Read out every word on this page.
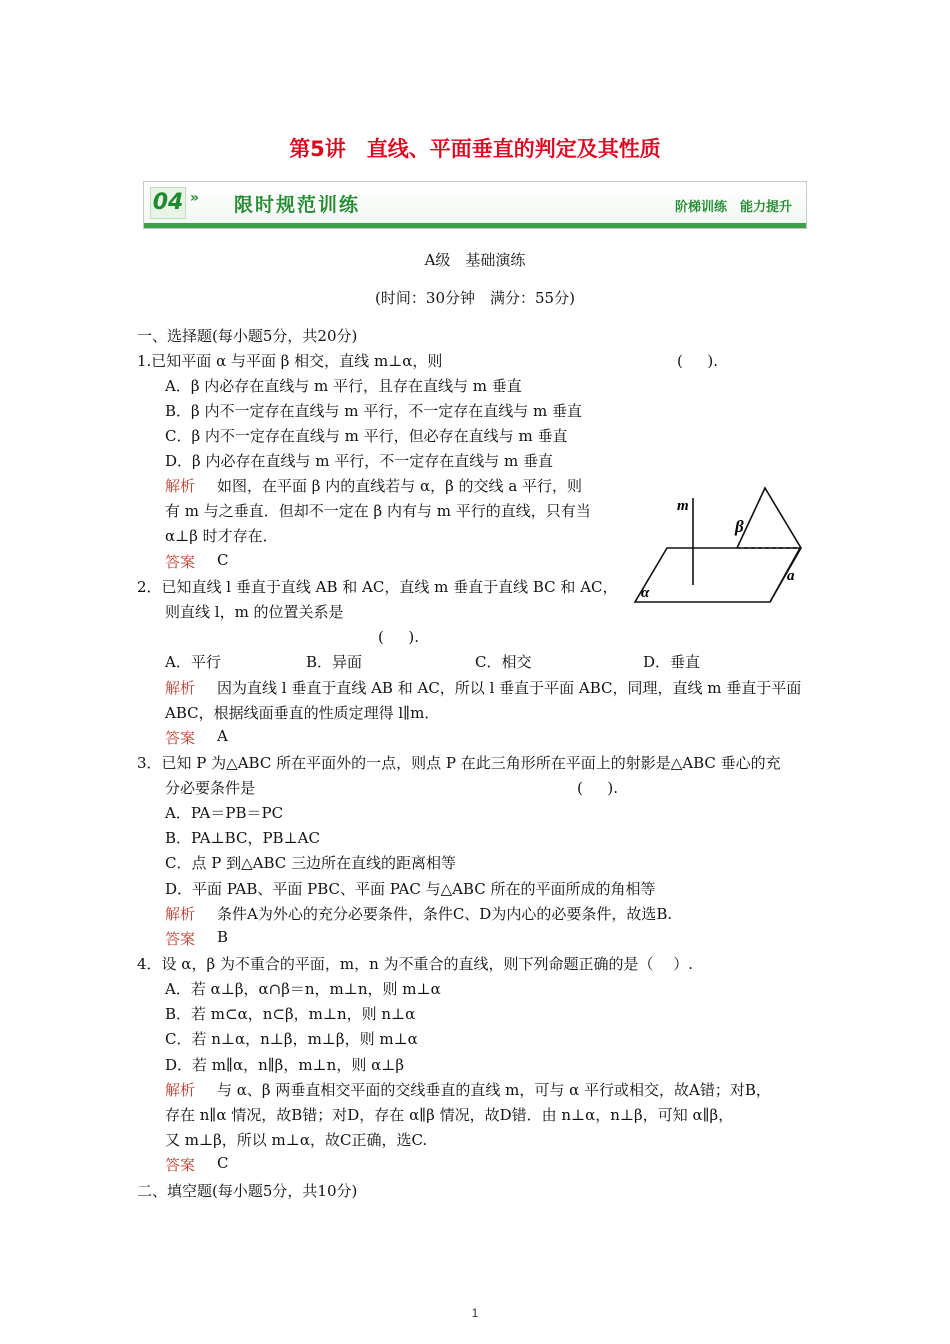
第5讲　直线、平面垂直的判定及其性质
04 » 限时规范训练	阶梯训练　能力提升
A级　基础演练
(时间：30分钟　满分：55分)
一、选择题(每小题5分，共20分)
1.已知平面 α 与平面 β 相交，直线 m⊥α，则	( 　 ).
A．β 内必存在直线与 m 平行，且存在直线与 m 垂直
B．β 内不一定存在直线与 m 平行，不一定存在直线与 m 垂直
C．β 内不一定存在直线与 m 平行，但必存在直线与 m 垂直
D．β 内必存在直线与 m 平行，不一定存在直线与 m 垂直
解析 如图，在平面 β 内的直线若与 α，β 的交线 a 平行，则
有 m 与之垂直．但却不一定在 β 内有与 m 平行的直线，只有当
α⊥β 时才存在．
答案 C
2．已知直线 l 垂直于直线 AB 和 AC，直线 m 垂直于直线 BC 和 AC，
则直线 l，m 的位置关系是
( 　 ).
A．平行	B．异面	C．相交	D．垂直
解析 因为直线 l 垂直于直线 AB 和 AC，所以 l 垂直于平面 ABC，同理，直线 m 垂直于平面
ABC，根据线面垂直的性质定理得 l∥m．
答案 A
3．已知 P 为△ABC 所在平面外的一点，则点 P 在此三角形所在平面上的射影是△ABC 垂心的充
分必要条件是	( 　 ).
A．PA＝PB＝PC
B．PA⊥BC，PB⊥AC
C．点 P 到△ABC 三边所在直线的距离相等
D．平面 PAB、平面 PBC、平面 PAC 与△ABC 所在的平面所成的角相等
解析 条件A为外心的充分必要条件，条件C、D为内心的必要条件，故选B.
答案 B
4．设 α，β 为不重合的平面，m，n 为不重合的直线，则下列命题正确的是（　 ）.
A．若 α⊥β，α∩β＝n，m⊥n，则 m⊥α
B．若 m⊂α，n⊂β，m⊥n，则 n⊥α
C．若 n⊥α，n⊥β，m⊥β，则 m⊥α
D．若 m∥α，n∥β，m⊥n，则 α⊥β
解析 与 α、β 两垂直相交平面的交线垂直的直线 m，可与 α 平行或相交，故A错；对B，
存在 n∥α 情况，故B错；对D，存在 α∥β 情况，故D错．由 n⊥α，n⊥β，可知 α∥β，
又 m⊥β，所以 m⊥α，故C正确，选C.
答案 C
二、填空题(每小题5分，共10分)
m
β
a
α
1
